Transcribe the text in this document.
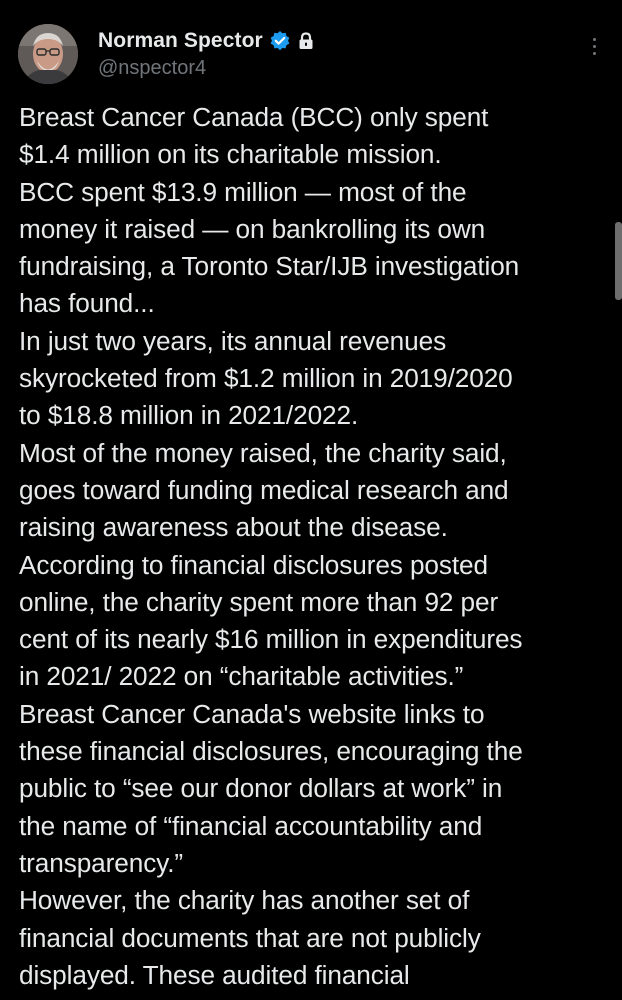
Norman Spector
@nspector4
Breast Cancer Canada (BCC) only spent
$1.4 million on its charitable mission.
BCC spent $13.9 million — most of the
money it raised — on bankrolling its own
fundraising, a Toronto Star/IJB investigation
has found...
In just two years, its annual revenues
skyrocketed from $1.2 million in 2019/2020
to $18.8 million in 2021/2022.
Most of the money raised, the charity said,
goes toward funding medical research and
raising awareness about the disease.
According to financial disclosures posted
online, the charity spent more than 92 per
cent of its nearly $16 million in expenditures
in 2021/ 2022 on “charitable activities.”
Breast Cancer Canada's website links to
these financial disclosures, encouraging the
public to “see our donor dollars at work” in
the name of “financial accountability and
transparency.”
However, the charity has another set of
financial documents that are not publicly
displayed. These audited financial
